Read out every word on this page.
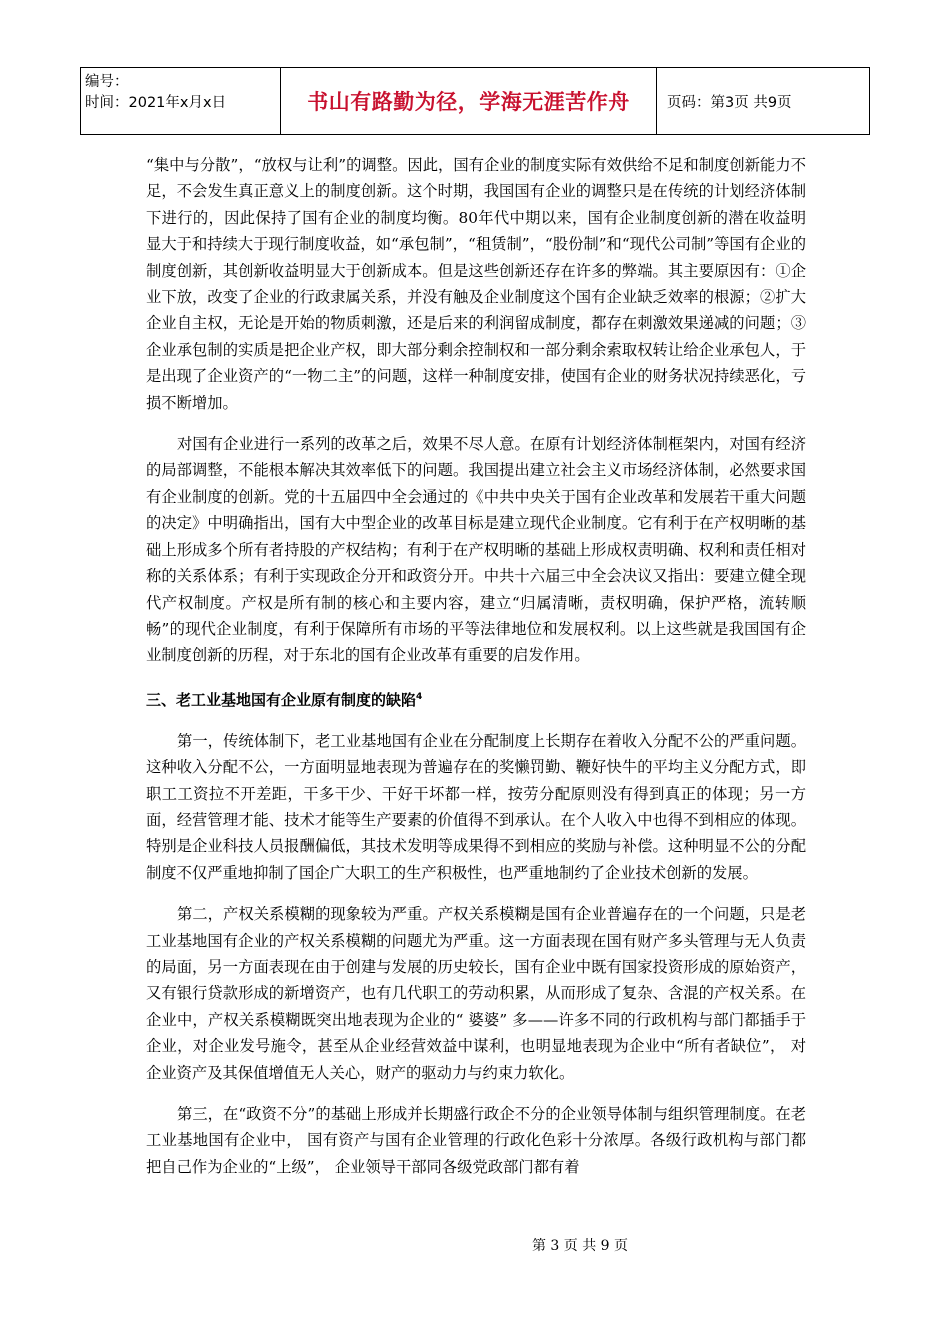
编号：
时间：2021年x月x日	书山有路勤为径，学海无涯苦作舟	页码：第3页 共9页

“集中与分散”，“放权与让利”的调整。因此，国有企业的制度实际有效供给不足和制度创新能力不足，不会发生真正意义上的制度创新。这个时期，我国国有企业的调整只是在传统的计划经济体制下进行的，因此保持了国有企业的制度均衡。80年代中期以来，国有企业制度创新的潜在收益明显大于和持续大于现行制度收益，如“承包制”，“租赁制”，“股份制”和“现代公司制”等国有企业的制度创新，其创新收益明显大于创新成本。但是这些创新还存在许多的弊端。其主要原因有：①企业下放，改变了企业的行政隶属关系，并没有触及企业制度这个国有企业缺乏效率的根源；②扩大企业自主权，无论是开始的物质刺激，还是后来的利润留成制度，都存在刺激效果递减的问题；③企业承包制的实质是把企业产权，即大部分剩余控制权和一部分剩余索取权转让给企业承包人，于是出现了企业资产的“一物二主”的问题，这样一种制度安排，使国有企业的财务状况持续恶化，亏损不断增加。

对国有企业进行一系列的改革之后，效果不尽人意。在原有计划经济体制框架内，对国有经济的局部调整，不能根本解决其效率低下的问题。我国提出建立社会主义市场经济体制，必然要求国有企业制度的创新。党的十五届四中全会通过的《中共中央关于国有企业改革和发展若干重大问题的决定》中明确指出，国有大中型企业的改革目标是建立现代企业制度。它有利于在产权明晰的基础上形成多个所有者持股的产权结构；有利于在产权明晰的基础上形成权责明确、权利和责任相对称的关系体系；有利于实现政企分开和政资分开。中共十六届三中全会决议又指出：要建立健全现代产权制度。产权是所有制的核心和主要内容，建立“归属清晰，责权明确，保护严格，流转顺畅”的现代企业制度，有利于保障所有市场的平等法律地位和发展权利。以上这些就是我国国有企业制度创新的历程，对于东北的国有企业改革有重要的启发作用。

三、老工业基地国有企业原有制度的缺陷$^4$

第一，传统体制下，老工业基地国有企业在分配制度上长期存在着收入分配不公的严重问题。这种收入分配不公，一方面明显地表现为普遍存在的奖懒罚勤、鞭好快牛的平均主义分配方式，即职工工资拉不开差距，干多干少、干好干坏都一样，按劳分配原则没有得到真正的体现；另一方面，经营管理才能、技术才能等生产要素的价值得不到承认。在个人收入中也得不到相应的体现。特别是企业科技人员报酬偏低，其技术发明等成果得不到相应的奖励与补偿。这种明显不公的分配制度不仅严重地抑制了国企广大职工的生产积极性，也严重地制约了企业技术创新的发展。

第二，产权关系模糊的现象较为严重。产权关系模糊是国有企业普遍存在的一个问题，只是老工业基地国有企业的产权关系模糊的问题尤为严重。这一方面表现在国有财产多头管理与无人负责的局面，另一方面表现在由于创建与发展的历史较长，国有企业中既有国家投资形成的原始资产，又有银行贷款形成的新增资产，也有几代职工的劳动积累，从而形成了复杂、含混的产权关系。在企业中，产权关系模糊既突出地表现为企业的“ 婆婆” 多——许多不同的行政机构与部门都插手于企业，对企业发号施令，甚至从企业经营效益中谋利，也明显地表现为企业中“所有者缺位”， 对企业资产及其保值增值无人关心，财产的驱动力与约束力软化。

第三，在“政资不分”的基础上形成并长期盛行政企不分的企业领导体制与组织管理制度。在老工业基地国有企业中， 国有资产与国有企业管理的行政化色彩十分浓厚。各级行政机构与部门都把自己作为企业的“上级”， 企业领导干部同各级党政部门都有着

第 3 页 共 9 页
